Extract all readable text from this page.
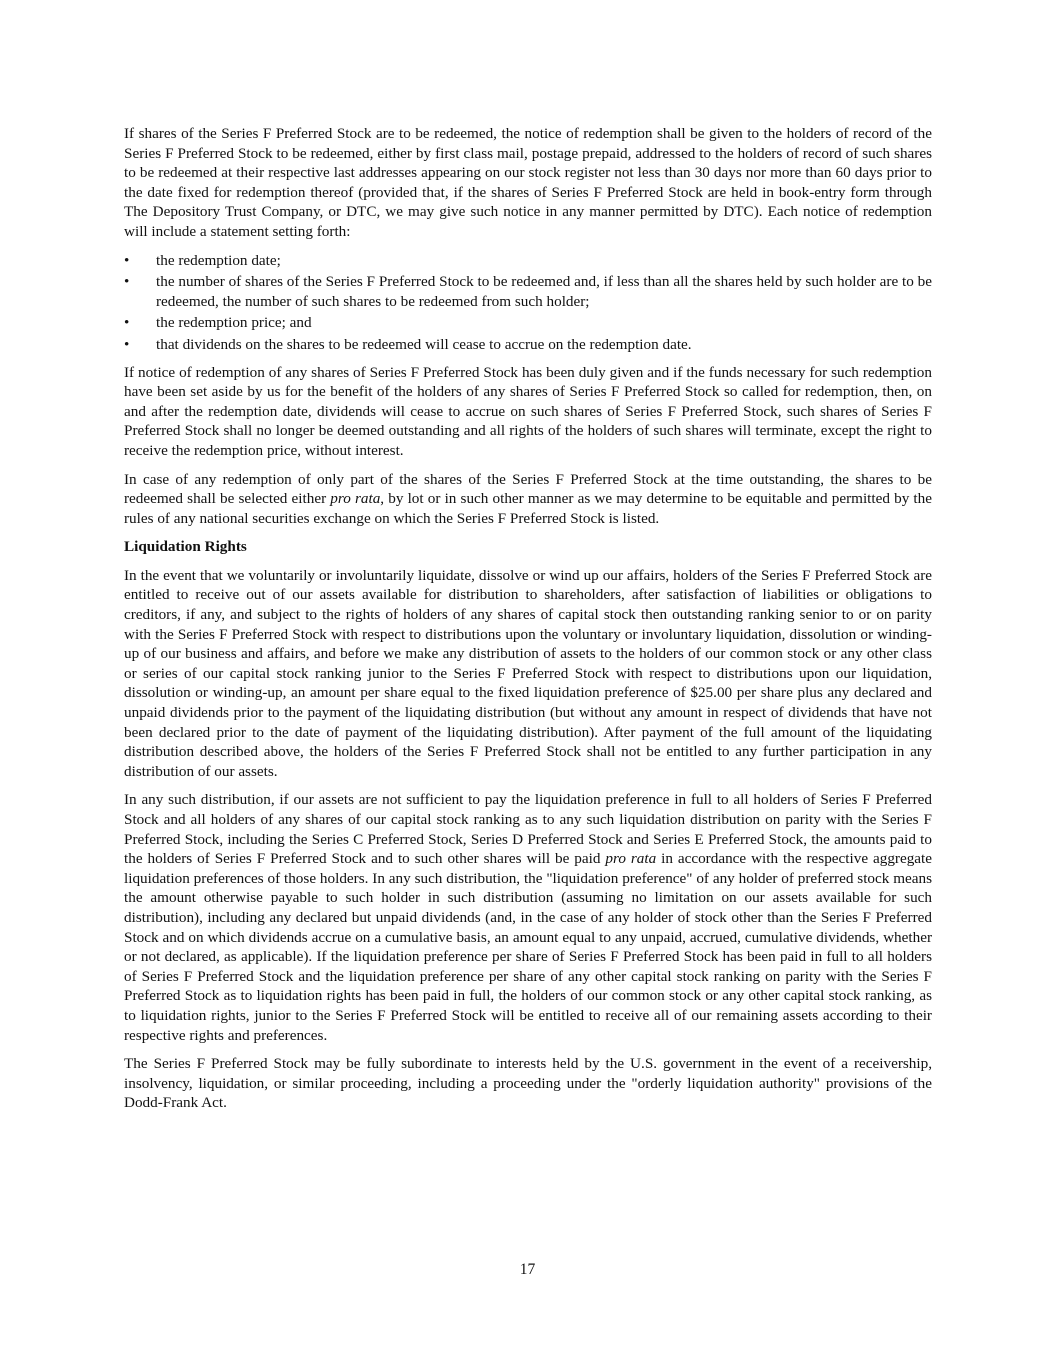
If shares of the Series F Preferred Stock are to be redeemed, the notice of redemption shall be given to the holders of record of the Series F Preferred Stock to be redeemed, either by first class mail, postage prepaid, addressed to the holders of record of such shares to be redeemed at their respective last addresses appearing on our stock register not less than 30 days nor more than 60 days prior to the date fixed for redemption thereof (provided that, if the shares of Series F Preferred Stock are held in book-entry form through The Depository Trust Company, or DTC, we may give such notice in any manner permitted by DTC). Each notice of redemption will include a statement setting forth:

• the redemption date;
• the number of shares of the Series F Preferred Stock to be redeemed and, if less than all the shares held by such holder are to be redeemed, the number of such shares to be redeemed from such holder;
• the redemption price; and
• that dividends on the shares to be redeemed will cease to accrue on the redemption date.

If notice of redemption of any shares of Series F Preferred Stock has been duly given and if the funds necessary for such redemption have been set aside by us for the benefit of the holders of any shares of Series F Preferred Stock so called for redemption, then, on and after the redemption date, dividends will cease to accrue on such shares of Series F Preferred Stock, such shares of Series F Preferred Stock shall no longer be deemed outstanding and all rights of the holders of such shares will terminate, except the right to receive the redemption price, without interest.

In case of any redemption of only part of the shares of the Series F Preferred Stock at the time outstanding, the shares to be redeemed shall be selected either pro rata, by lot or in such other manner as we may determine to be equitable and permitted by the rules of any national securities exchange on which the Series F Preferred Stock is listed.

Liquidation Rights

In the event that we voluntarily or involuntarily liquidate, dissolve or wind up our affairs, holders of the Series F Preferred Stock are entitled to receive out of our assets available for distribution to shareholders, after satisfaction of liabilities or obligations to creditors, if any, and subject to the rights of holders of any shares of capital stock then outstanding ranking senior to or on parity with the Series F Preferred Stock with respect to distributions upon the voluntary or involuntary liquidation, dissolution or winding-up of our business and affairs, and before we make any distribution of assets to the holders of our common stock or any other class or series of our capital stock ranking junior to the Series F Preferred Stock with respect to distributions upon our liquidation, dissolution or winding-up, an amount per share equal to the fixed liquidation preference of $25.00 per share plus any declared and unpaid dividends prior to the payment of the liquidating distribution (but without any amount in respect of dividends that have not been declared prior to the date of payment of the liquidating distribution). After payment of the full amount of the liquidating distribution described above, the holders of the Series F Preferred Stock shall not be entitled to any further participation in any distribution of our assets.

In any such distribution, if our assets are not sufficient to pay the liquidation preference in full to all holders of Series F Preferred Stock and all holders of any shares of our capital stock ranking as to any such liquidation distribution on parity with the Series F Preferred Stock, including the Series C Preferred Stock, Series D Preferred Stock and Series E Preferred Stock, the amounts paid to the holders of Series F Preferred Stock and to such other shares will be paid pro rata in accordance with the respective aggregate liquidation preferences of those holders. In any such distribution, the "liquidation preference" of any holder of preferred stock means the amount otherwise payable to such holder in such distribution (assuming no limitation on our assets available for such distribution), including any declared but unpaid dividends (and, in the case of any holder of stock other than the Series F Preferred Stock and on which dividends accrue on a cumulative basis, an amount equal to any unpaid, accrued, cumulative dividends, whether or not declared, as applicable). If the liquidation preference per share of Series F Preferred Stock has been paid in full to all holders of Series F Preferred Stock and the liquidation preference per share of any other capital stock ranking on parity with the Series F Preferred Stock as to liquidation rights has been paid in full, the holders of our common stock or any other capital stock ranking, as to liquidation rights, junior to the Series F Preferred Stock will be entitled to receive all of our remaining assets according to their respective rights and preferences.

The Series F Preferred Stock may be fully subordinate to interests held by the U.S. government in the event of a receivership, insolvency, liquidation, or similar proceeding, including a proceeding under the "orderly liquidation authority" provisions of the Dodd-Frank Act.

17
